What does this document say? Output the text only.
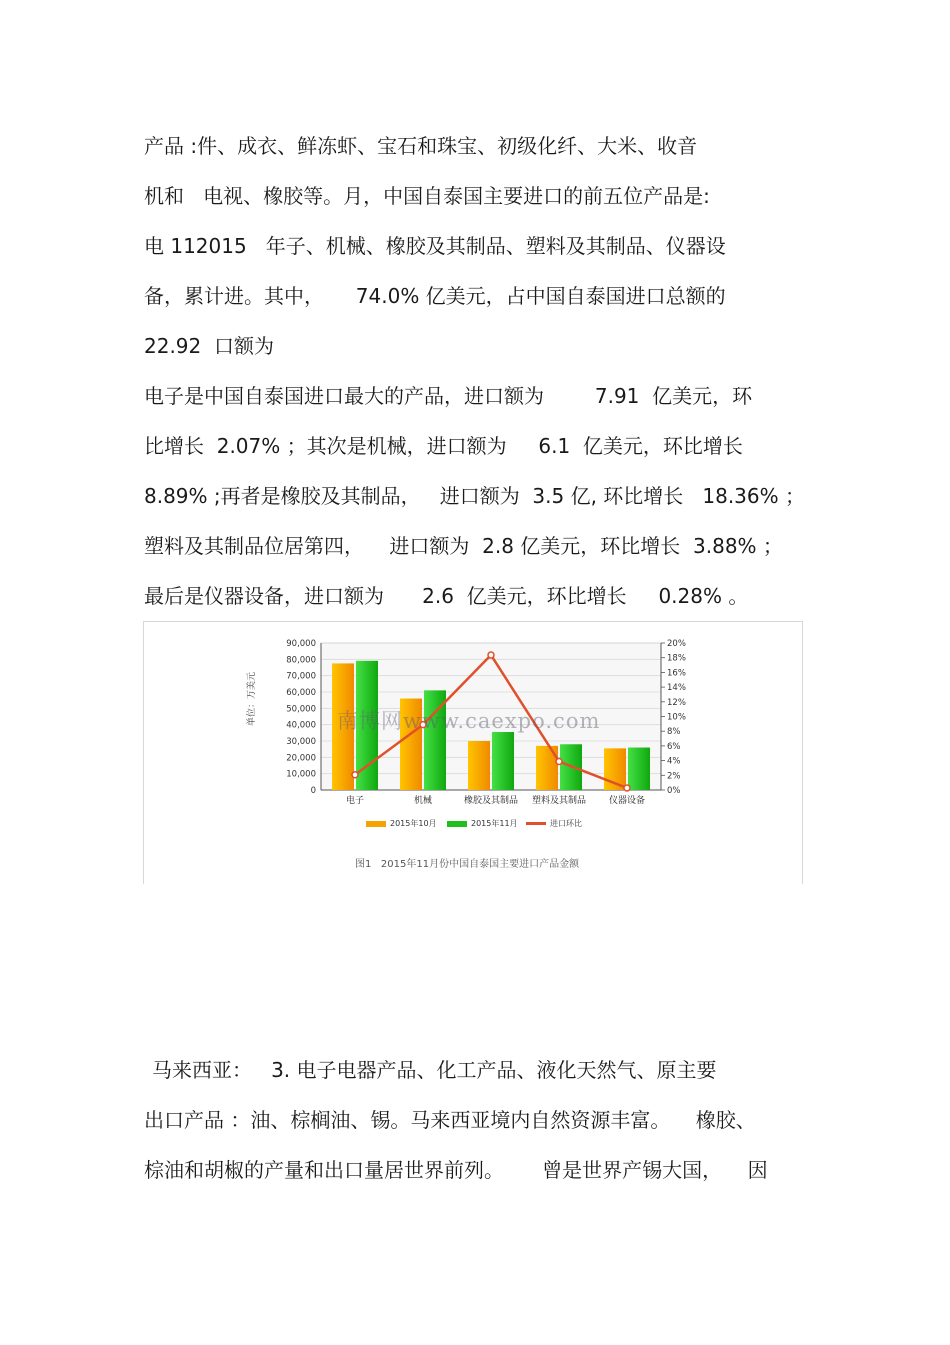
产品 :件、成衣、鲜冻虾、宝石和珠宝、初级化纤、大米、收音

机和   电视、橡胶等。月，中国自泰国主要进口的前五位产品是:

电 112015   年子、机械、橡胶及其制品、塑料及其制品、仪器设

备，累计进。其中，     74.0% 亿美元，占中国自泰国进口总额的

22.92  口额为

电子是中国自泰国进口最大的产品，进口额为        7.91  亿美元，环

比增长  2.07% ；其次是机械，进口额为     6.1  亿美元，环比增长

8.89% ;再者是橡胶及其制品，   进口额为  3.5 亿, 环比增长   18.36% ；

塑料及其制品位居第四，    进口额为  2.8 亿美元，环比增长  3.88% ；

最后是仪器设备，进口额为      2.6  亿美元，环比增长     0.28% 。

90,000
80,000
70,000
60,000
50,000
40,000
30,000
20,000
10,000
0
20%
18%
16%
14%
12%
10%
8%
6%
4%
2%
0%
电子	机械	橡胶及其制品 塑料及其制品	仪器设备
南博网www.caexpo.com
单位：万美元
2015年10月	2015年11月	进口环比
图1   2015年11月份中国自泰国主要进口产品金额

马来西亚：   3. 电子电器产品、化工产品、液化天然气、原主要

出口产品 ：油、棕榈油、锡。马来西亚境内自然资源丰富。    橡胶、

棕油和胡椒的产量和出口量居世界前列。      曾是世界产锡大国，    因
